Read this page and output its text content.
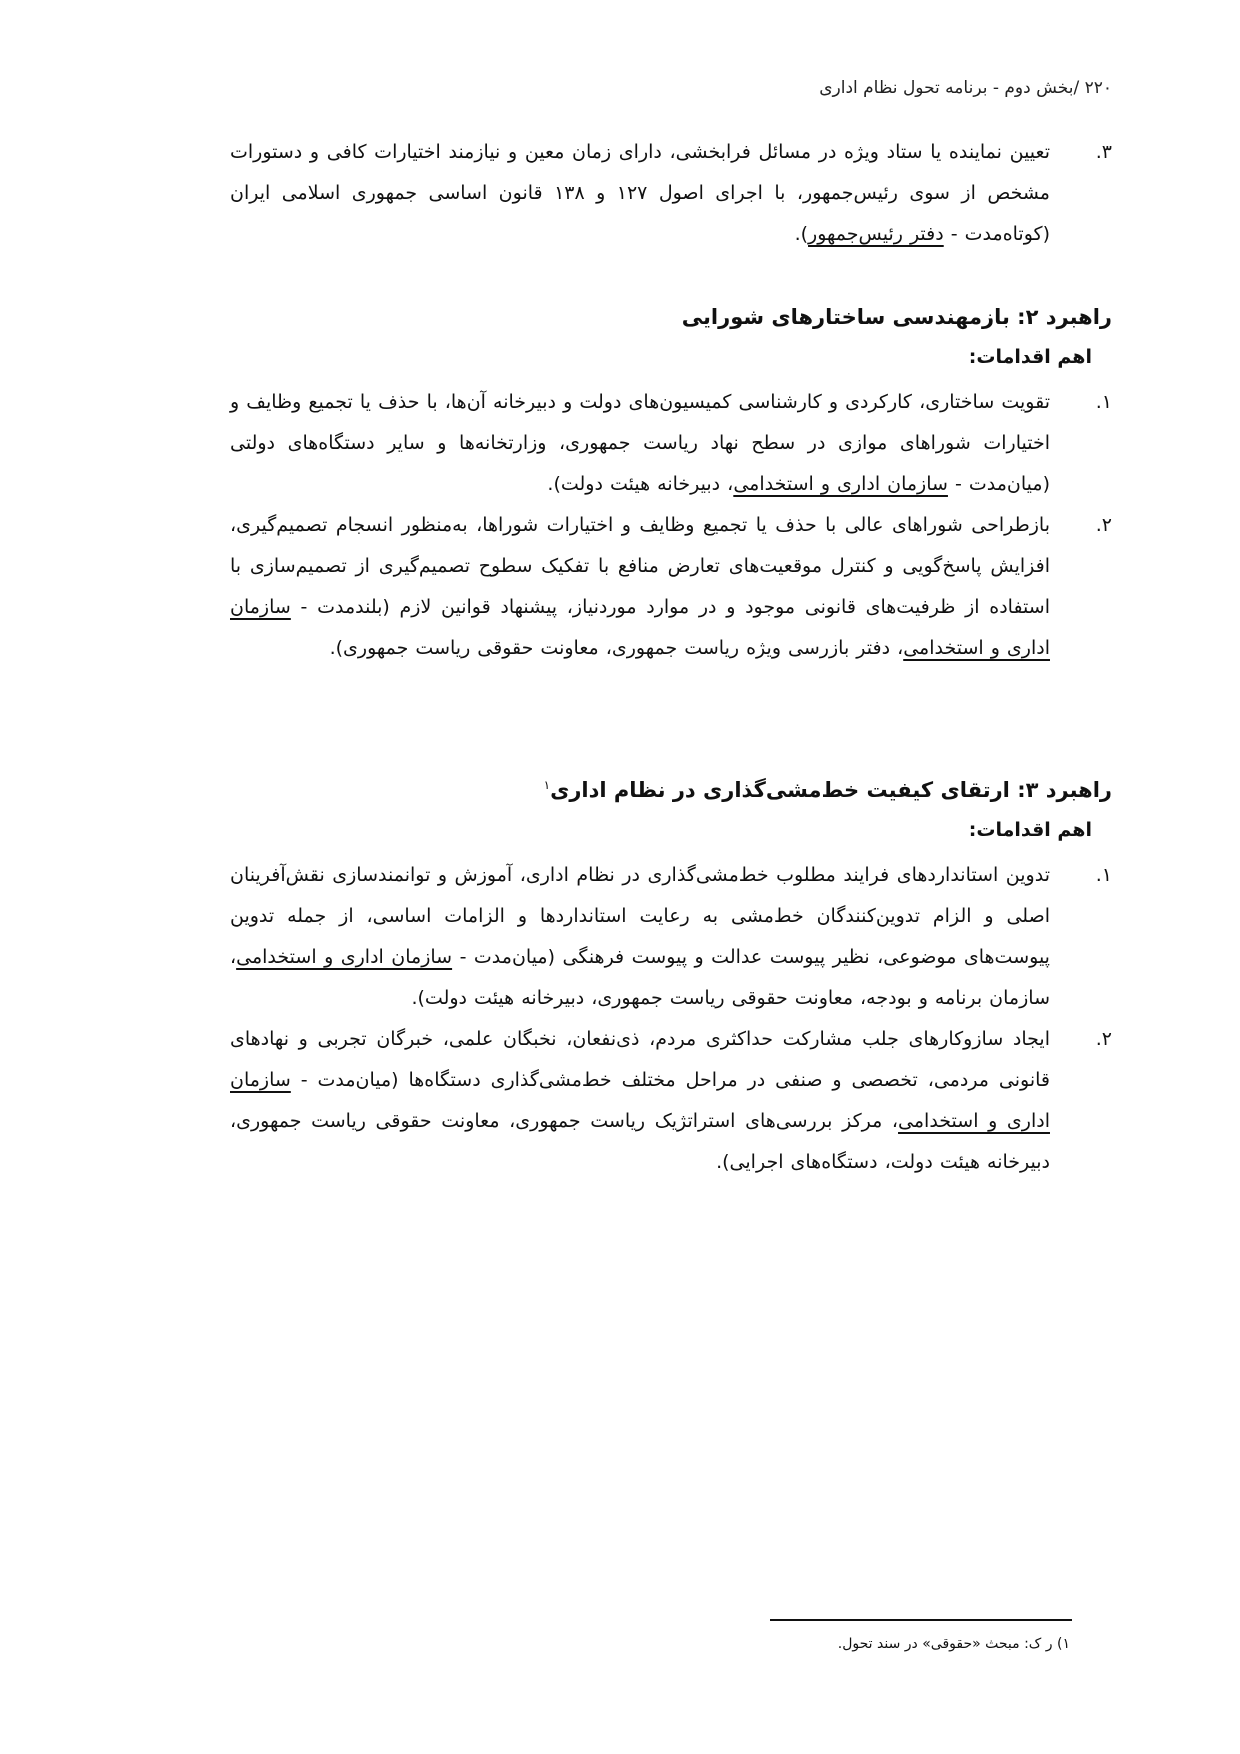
۲۲۰ /بخش دوم - برنامه تحول نظام اداری
۳.
تعیین نماینده یا ستاد ویژه در مسائل فرابخشی، دارای زمان معین و نیازمند اختیارات کافی و دستورات مشخص از سوی رئیس‌جمهور، با اجرای اصول ۱۲۷ و ۱۳۸ قانون اساسی جمهوری اسلامی ایران (کوتاه‌مدت - دفتر رئیس‌جمهور).
راهبرد ۲: بازمهندسی ساختارهای شورایی
اهم اقدامات:
۱.
تقویت ساختاری، کارکردی و کارشناسی کمیسیون‌های دولت و دبیرخانه آن‌ها، با حذف یا تجمیع وظایف و اختیارات شوراهای موازی در سطح نهاد ریاست جمهوری، وزارتخانه‌ها و سایر دستگاه‌های دولتی (میان‌مدت - سازمان اداری و استخدامی، دبیرخانه هیئت دولت).
۲.
بازطراحی شوراهای عالی با حذف یا تجمیع وظایف و اختیارات شوراها، به‌منظور انسجام تصمیم‌گیری، افزایش پاسخ‌گویی و کنترل موقعیت‌های تعارض منافع با تفکیک سطوح تصمیم‌گیری از تصمیم‌سازی با استفاده از ظرفیت‌های قانونی موجود و در موارد موردنیاز، پیشنهاد قوانین لازم (بلندمدت - سازمان اداری و استخدامی، دفتر بازرسی ویژه ریاست جمهوری، معاونت حقوقی ریاست جمهوری).
راهبرد ۳: ارتقای کیفیت خط‌مشی‌گذاری در نظام اداری$^۱$
اهم اقدامات:
۱.
تدوین استانداردهای فرایند مطلوب خط‌مشی‌گذاری در نظام اداری، آموزش و توانمندسازی نقش‌آفرینان اصلی و الزام تدوین‌کنندگان خط‌مشی به رعایت استانداردها و الزامات اساسی، از جمله تدوین پیوست‌های موضوعی، نظیر پیوست عدالت و پیوست فرهنگی (میان‌مدت - سازمان اداری و استخدامی، سازمان برنامه و بودجه، معاونت حقوقی ریاست جمهوری، دبیرخانه هیئت دولت).
۲.
ایجاد سازوکارهای جلب مشارکت حداکثری مردم، ذی‌نفعان، نخبگان علمی، خبرگان تجربی و نهادهای قانونی مردمی، تخصصی و صنفی در مراحل مختلف خط‌مشی‌گذاری دستگاه‌ها (میان‌مدت - سازمان اداری و استخدامی، مرکز بررسی‌های استراتژیک ریاست جمهوری، معاونت حقوقی ریاست جمهوری، دبیرخانه هیئت دولت، دستگاه‌های اجرایی).
۱) ر ک: مبحث «حقوقی» در سند تحول.
